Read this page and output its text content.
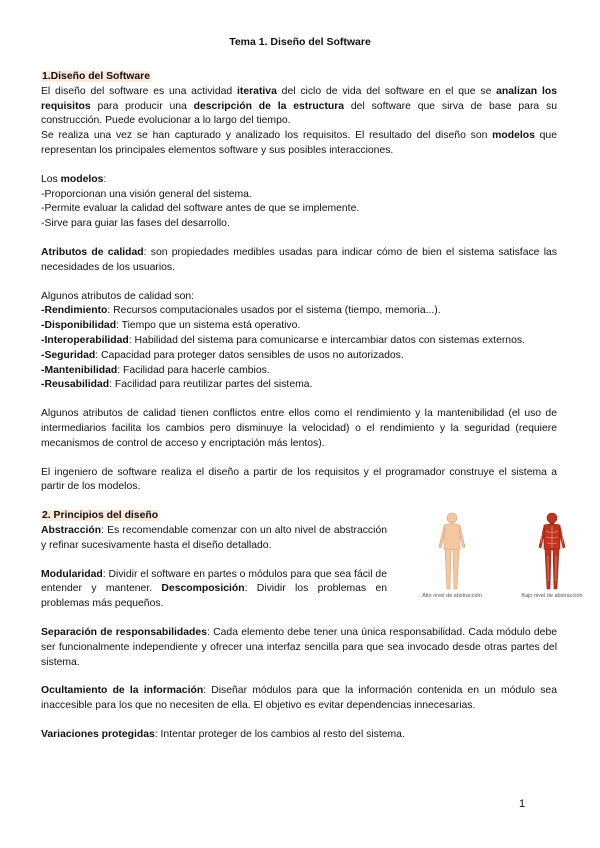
Tema 1. Diseño del Software

1.Diseño del Software

El diseño del software es una actividad iterativa del ciclo de vida del software en el que se analizan los requisitos para producir una descripción de la estructura del software que sirva de base para su construcción. Puede evolucionar a lo largo del tiempo.

Se realiza una vez se han capturado y analizado los requisitos. El resultado del diseño son modelos que representan los principales elementos software y sus posibles interacciones.

Los modelos:

-Proporcionan una visión general del sistema.

-Permite evaluar la calidad del software antes de que se implemente.

-Sirve para guiar las fases del desarrollo.

Atributos de calidad: son propiedades medibles usadas para indicar cómo de bien el sistema satisface las necesidades de los usuarios.

Algunos atributos de calidad son:

-Rendimiento: Recursos computacionales usados por el sistema (tiempo, memoria...).

-Disponibilidad: Tiempo que un sistema está operativo.

-Interoperabilidad: Habilidad del sistema para comunicarse e intercambiar datos con sistemas externos.

-Seguridad: Capacidad para proteger datos sensibles de usos no autorizados.

-Mantenibilidad: Facilidad para hacerle cambios.

-Reusabilidad: Facilidad para reutilizar partes del sistema.

Algunos atributos de calidad tienen conflictos entre ellos como el rendimiento y la mantenibilidad (el uso de intermediarios facilita los cambios pero disminuye la velocidad) o el rendimiento y la seguridad (requiere mecanismos de control de acceso y encriptación más lentos).

El ingeniero de software realiza el diseño a partir de los requisitos y el programador construye el sistema a partir de los modelos.

2. Principios del diseño

Abstracción: Es recomendable comenzar con un alto nivel de abstracción y refinar sucesivamente hasta el diseño detallado.

Modularidad: Dividir el software en partes o módulos para que sea fácil de entender y mantener. Descomposición: Dividir los problemas en problemas más pequeños.

Alto nivel de abstracción	Bajo nivel de abstracción

Separación de responsabilidades: Cada elemento debe tener una única responsabilidad. Cada módulo debe ser funcionalmente independiente y ofrecer una interfaz sencilla para que sea invocado desde otras partes del sistema.

Ocultamiento de la información: Diseñar módulos para que la información contenida en un módulo sea inaccesible para los que no necesiten de ella. El objetivo es evitar dependencias innecesarias.

Variaciones protegidas: Intentar proteger de los cambios al resto del sistema.

1
